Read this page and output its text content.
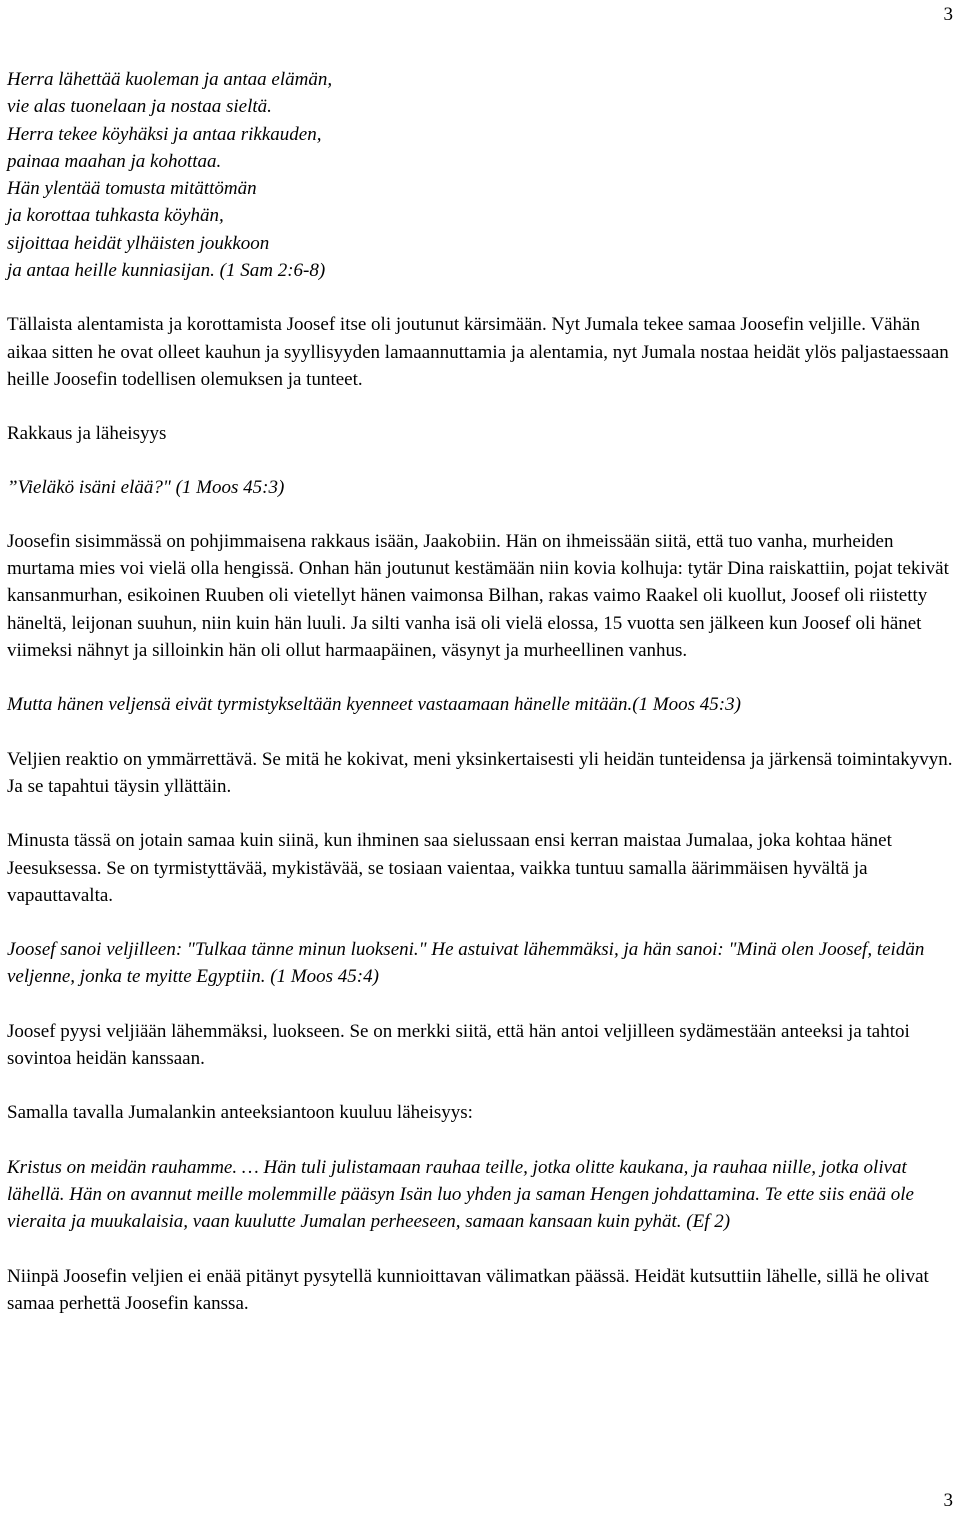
3
Herra lähettää kuoleman ja antaa elämän,
vie alas tuonelaan ja nostaa sieltä.
Herra tekee köyhäksi ja antaa rikkauden,
painaa maahan ja kohottaa.
Hän ylentää tomusta mitättömän
ja korottaa tuhkasta köyhän,
sijoittaa heidät ylhäisten joukkoon
ja antaa heille kunniasijan. (1 Sam 2:6-8)

Tällaista alentamista ja korottamista Joosef itse oli joutunut kärsimään. Nyt Jumala tekee samaa Joosefin veljille. Vähän aikaa sitten he ovat olleet kauhun ja syyllisyyden lamaannuttamia ja alentamia, nyt Jumala nostaa heidät ylös paljastaessaan heille Joosefin todellisen olemuksen ja tunteet.

Rakkaus ja läheisyys

”Vieläkö isäni elää?" (1 Moos 45:3)

Joosefin sisimmässä on pohjimmaisena rakkaus isään, Jaakobiin. Hän on ihmeissään siitä, että tuo vanha, murheiden murtama mies voi vielä olla hengissä. Onhan hän joutunut kestämään niin kovia kolhuja: tytär Dina raiskattiin, pojat tekivät kansanmurhan, esikoinen Ruuben oli vietellyt hänen vaimonsa Bilhan, rakas vaimo Raakel oli kuollut, Joosef oli riistetty häneltä, leijonan suuhun, niin kuin hän luuli. Ja silti vanha isä oli vielä elossa, 15 vuotta sen jälkeen kun Joosef oli hänet viimeksi nähnyt ja silloinkin hän oli ollut harmaapäinen, väsynyt ja murheellinen vanhus.

Mutta hänen veljensä eivät tyrmistykseltään kyenneet vastaamaan hänelle mitään.(1 Moos 45:3)

Veljien reaktio on ymmärrettävä. Se mitä he kokivat, meni yksinkertaisesti yli heidän tunteidensa ja järkensä toimintakyvyn. Ja se tapahtui täysin yllättäin.

Minusta tässä on jotain samaa kuin siinä, kun ihminen saa sielussaan ensi kerran maistaa Jumalaa, joka kohtaa hänet Jeesuksessa. Se on tyrmistyttävää, mykistävää, se tosiaan vaientaa, vaikka tuntuu samalla äärimmäisen hyvältä ja vapauttavalta.

Joosef sanoi veljilleen: "Tulkaa tänne minun luokseni." He astuivat lähemmäksi, ja hän sanoi: "Minä olen Joosef, teidän veljenne, jonka te myitte Egyptiin. (1 Moos 45:4)

Joosef pyysi veljiään lähemmäksi, luokseen. Se on merkki siitä, että hän antoi veljilleen sydämestään anteeksi ja tahtoi sovintoa heidän kanssaan.

Samalla tavalla Jumalankin anteeksiantoon kuuluu läheisyys:

Kristus on meidän rauhamme. … Hän tuli julistamaan rauhaa teille, jotka olitte kaukana, ja rauhaa niille, jotka olivat lähellä. Hän on avannut meille molemmille pääsyn Isän luo yhden ja saman Hengen johdattamina. Te ette siis enää ole vieraita ja muukalaisia, vaan kuulutte Jumalan perheeseen, samaan kansaan kuin pyhät. (Ef 2)

Niinpä Joosefin veljien ei enää pitänyt pysytellä kunnioittavan välimatkan päässä. Heidät kutsuttiin lähelle, sillä he olivat samaa perhettä Joosefin kanssa.

3
